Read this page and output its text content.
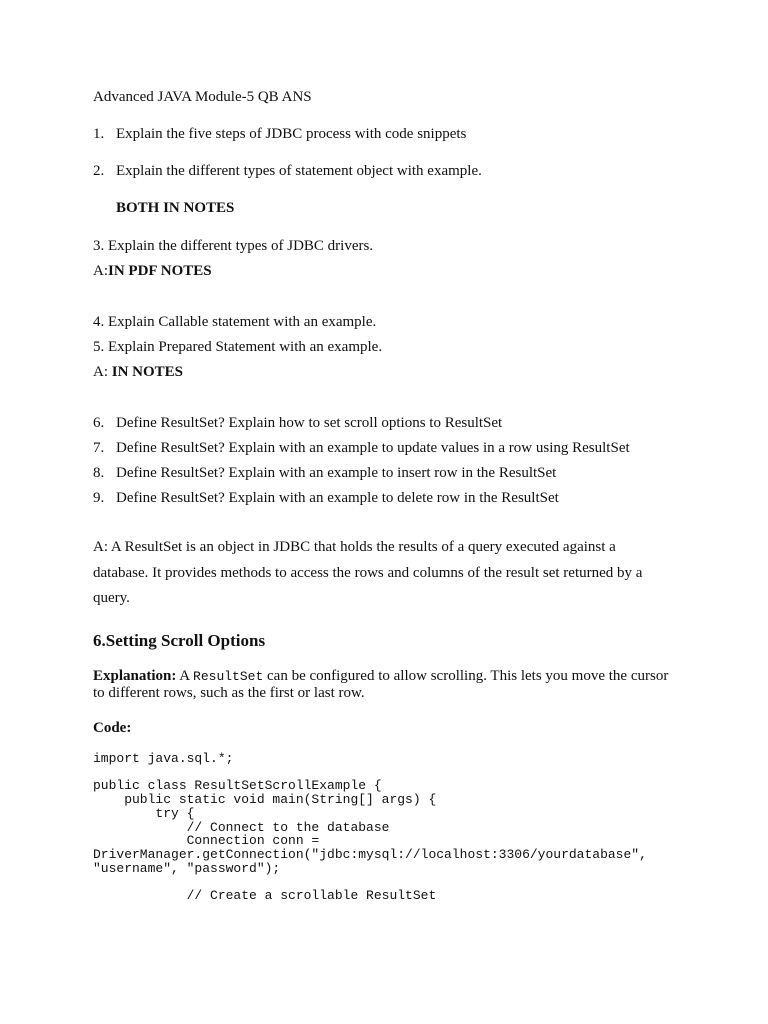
Advanced JAVA Module-5 QB ANS
1. Explain the five steps of JDBC process with code snippets
2. Explain the different types of statement object with example.
BOTH IN NOTES
3. Explain the different types of JDBC drivers.
A:IN PDF NOTES
4. Explain Callable statement with an example.
5. Explain Prepared Statement with an example.
A: IN NOTES
6. Define ResultSet? Explain how to set scroll options to ResultSet
7. Define ResultSet? Explain with an example to update values in a row using ResultSet
8. Define ResultSet? Explain with an example to insert row in the ResultSet
9. Define ResultSet? Explain with an example to delete row in the ResultSet
A: A ResultSet is an object in JDBC that holds the results of a query executed against a database. It provides methods to access the rows and columns of the result set returned by a query.
6.Setting Scroll Options
Explanation: A ResultSet can be configured to allow scrolling. This lets you move the cursor to different rows, such as the first or last row.
Code:
import java.sql.*;

public class ResultSetScrollExample {
public static void main(String[] args) {
try {
// Connect to the database
Connection conn =
DriverManager.getConnection("jdbc:mysql://localhost:3306/yourdatabase",
"username", "password");

// Create a scrollable ResultSet
